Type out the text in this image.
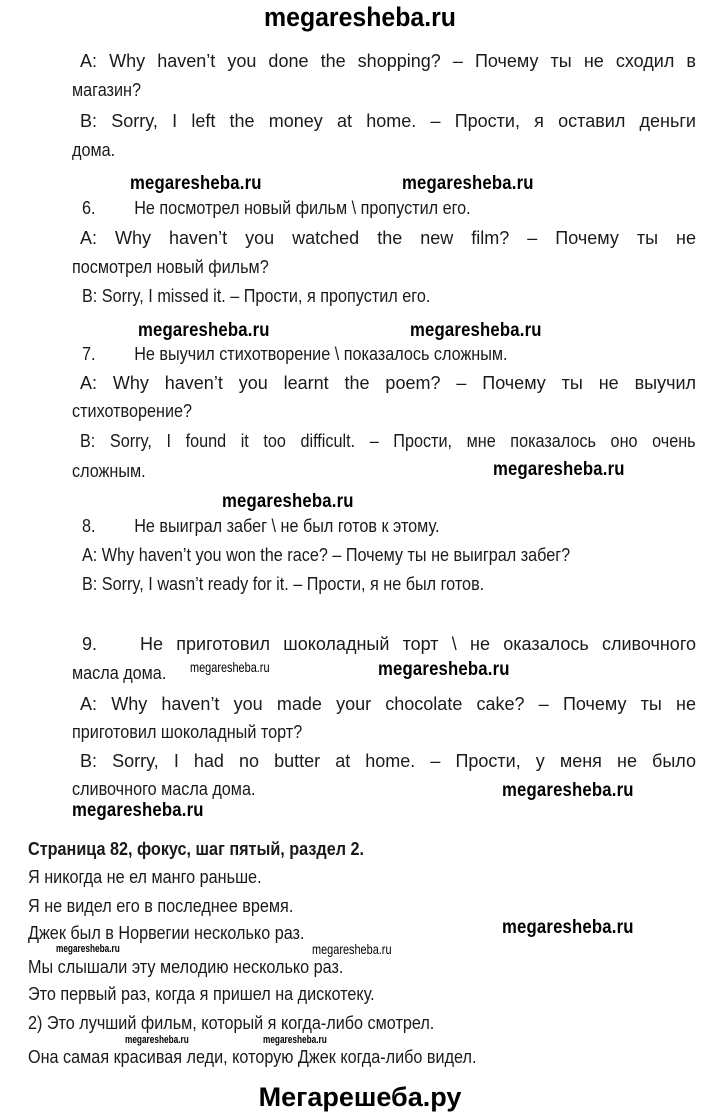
megaresheba.ru
A: Why haven’t you done the shopping? – Почему ты не сходил в
магазин?
B: Sorry, I left the money at home. – Прости, я оставил деньги
дома.
megaresheba.ru	megaresheba.ru
6. Не посмотрел новый фильм \ пропустил его.
A: Why haven’t you watched the new film? – Почему ты не
посмотрел новый фильм?
B: Sorry, I missed it. – Прости, я пропустил его.
megaresheba.ru	megaresheba.ru
7. Не выучил стихотворение \ показалось сложным.
A: Why haven’t you learnt the poem? – Почему ты не выучил
стихотворение?
B: Sorry, I found it too difficult. – Прости, мне показалось оно очень
сложным.	megaresheba.ru
megaresheba.ru
8. Не выиграл забег \ не был готов к этому.
A: Why haven’t you won the race? – Почему ты не выиграл забег?
B: Sorry, I wasn’t ready for it. – Прости, я не был готов.
9. Не приготовил шоколадный торт \ не оказалось сливочного
масла дома. megaresheba.ru	megaresheba.ru
A: Why haven’t you made your chocolate cake? – Почему ты не
приготовил шоколадный торт?
B: Sorry, I had no butter at home. – Прости, у меня не было
сливочного масла дома.	megaresheba.ru
megaresheba.ru
Страница 82, фокус, шаг пятый, раздел 2.
Я никогда не ел манго раньше.
Я не видел его в последнее время.
megaresheba.ru
Джек был в Норвегии несколько раз.
megaresheba.ru	megaresheba.ru
Мы слышали эту мелодию несколько раз.
Это первый раз, когда я пришел на дискотеку.
2) Это лучший фильм, который я когда-либо смотрел.
megaresheba.ru	megaresheba.ru
Она самая красивая леди, которую Джек когда-либо видел.
Мегарешеба.ру
